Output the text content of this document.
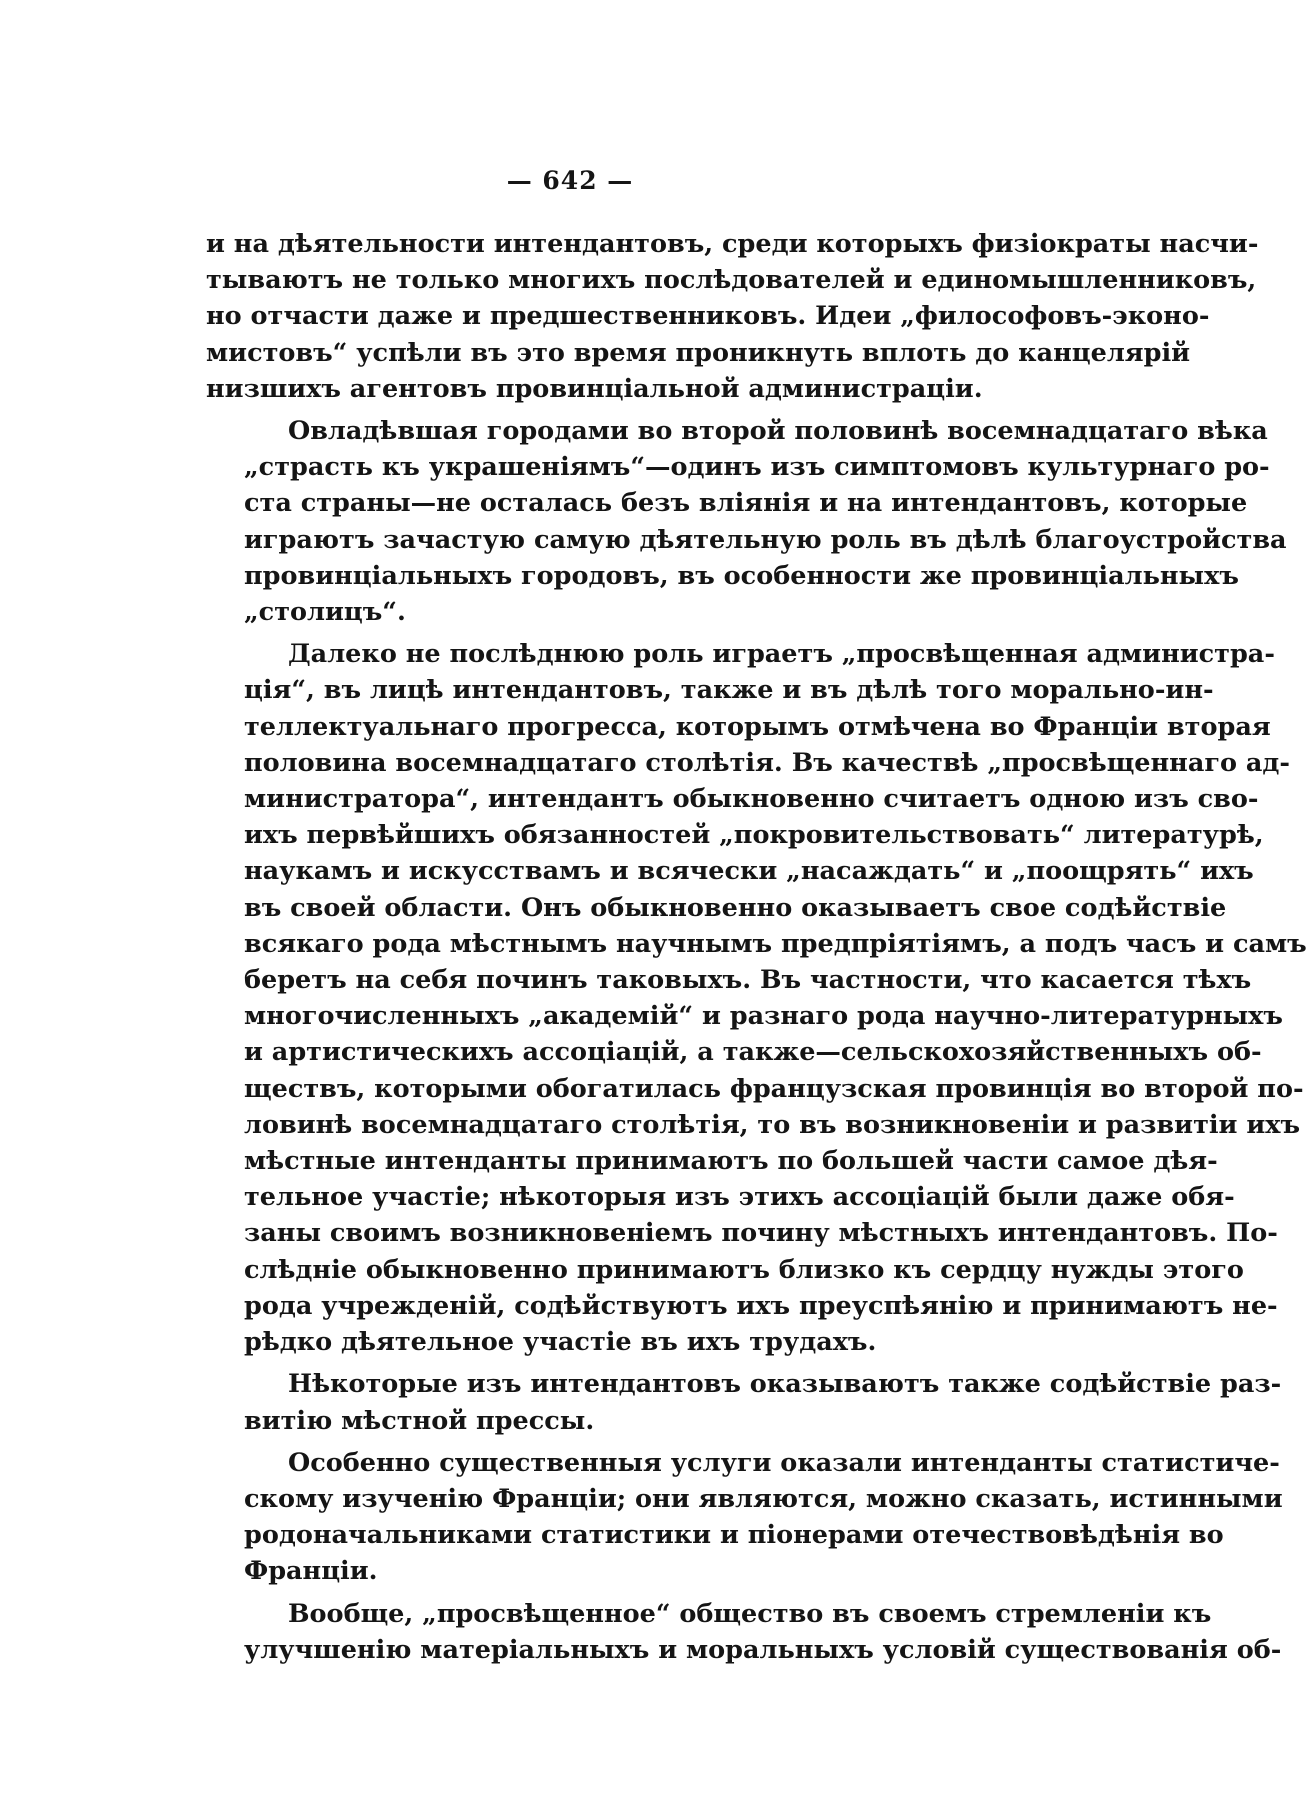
— 642 —

и на дѣятельности интендантовъ, среди которыхъ физіократы насчи-
тываютъ не только многихъ послѣдователей и единомышленниковъ,
но отчасти даже и предшественниковъ. Идеи „философовъ-эконо-
мистовъ“ успѣли въ это время проникнуть вплоть до канцелярій
низшихъ агентовъ провинціальной администраціи.

Овладѣвшая городами во второй половинѣ восемнадцатаго вѣка
„страсть къ украшеніямъ“—одинъ изъ симптомовъ культурнаго ро-
ста страны—не осталась безъ вліянія и на интендантовъ, которые
играютъ зачастую самую дѣятельную роль въ дѣлѣ благоустройства
провинціальныхъ городовъ, въ особенности же провинціальныхъ
„столицъ“.

Далеко не послѣднюю роль играетъ „просвѣщенная администра-
ція“, въ лицѣ интендантовъ, также и въ дѣлѣ того морально-ин-
теллектуальнаго прогресса, которымъ отмѣчена во Франціи вторая
половина восемнадцатаго столѣтія. Въ качествѣ „просвѣщеннаго ад-
министратора“, интендантъ обыкновенно считаетъ одною изъ сво-
ихъ первѣйшихъ обязанностей „покровительствовать“ литературѣ,
наукамъ и искусствамъ и всячески „насаждать“ и „поощрять“ ихъ
въ своей области. Онъ обыкновенно оказываетъ свое содѣйствіе
всякаго рода мѣстнымъ научнымъ предпріятіямъ, а подъ часъ и самъ
беретъ на себя починъ таковыхъ. Въ частности, что касается тѣхъ
многочисленныхъ „академій“ и разнаго рода научно-литературныхъ
и артистическихъ ассоціацій, а также—сельскохозяйственныхъ об-
ществъ, которыми обогатилась французская провинція во второй по-
ловинѣ восемнадцатаго столѣтія, то въ возникновеніи и развитіи ихъ
мѣстные интенданты принимаютъ по большей части самое дѣя-
тельное участіе; нѣкоторыя изъ этихъ ассоціацій были даже обя-
заны своимъ возникновеніемъ почину мѣстныхъ интендантовъ. По-
слѣдніе обыкновенно принимаютъ близко къ сердцу нужды этого
рода учрежденій, содѣйствуютъ ихъ преуспѣянію и принимаютъ не-
рѣдко дѣятельное участіе въ ихъ трудахъ.

Нѣкоторые изъ интендантовъ оказываютъ также содѣйствіе раз-
витію мѣстной прессы.

Особенно существенныя услуги оказали интенданты статистиче-
скому изученію Франціи; они являются, можно сказать, истинными
родоначальниками статистики и піонерами отечествовѣдѣнія во
Франціи.

Вообще, „просвѣщенное“ общество въ своемъ стремленіи къ
улучшенію матеріальныхъ и моральныхъ условій существованія об-
